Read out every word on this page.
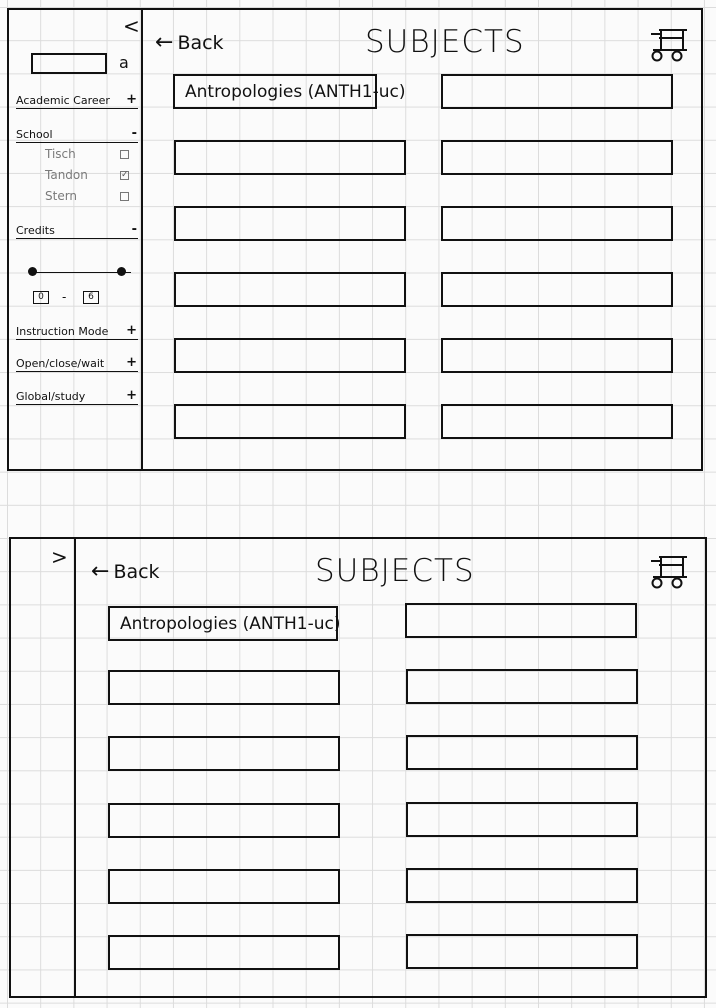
<
a
Academic Career +
School	-
Tisch
Tandon	✓
Stern
Credits	-
0	-	6
Instruction Mode +
Open/close/wait +
Global/study	+
← Back	SUBJECTS
Antropologies (ANTH1-uc)
>
← Back	SUBJECTS
Antropologies (ANTH1-uc)
